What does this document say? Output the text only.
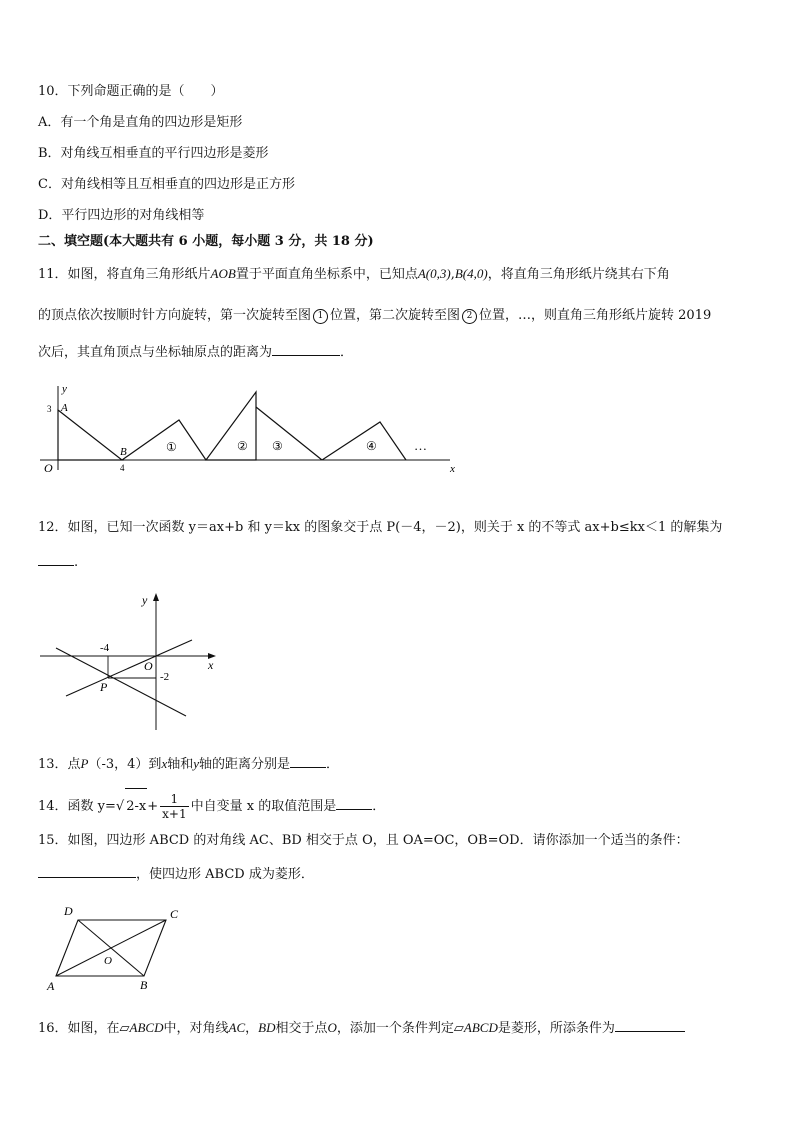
10．下列命题正确的是（　　）
A．有一个角是直角的四边形是矩形
B．对角线互相垂直的平行四边形是菱形
C．对角线相等且互相垂直的四边形是正方形
D．平行四边形的对角线相等
二、填空题(本大题共有 6 小题，每小题 3 分，共 18 分)
11．如图，将直角三角形纸片AOB置于平面直角坐标系中，已知点A(0,3),B(4,0)，将直角三角形纸片绕其右下角
的顶点依次按顺时针方向旋转，第一次旋转至图 1 位置，第二次旋转至图 2 位置，…，则直角三角形纸片旋转 2019
次后，其直角顶点与坐标轴原点的距离为	．
y
x
O
3 A
B
4
①	② ③	④	…
12．如图，已知一次函数 y＝ax+b 和 y＝kx 的图象交于点 P(－4，－2)，则关于 x 的不等式 ax+b≤kx＜1 的解集为
.
y
x
O
-4
-2
P
13．点P（-3，4）到x轴和y轴的距离分别是	．
14．函数 y=√ $2-x+ \frac{1}{x+1}$ 中自变量 x 的取值范围是	．
15．如图，四边形 ABCD 的对角线 AC、BD 相交于点 O，且 OA=OC，OB=OD．请你添加一个适当的条件：
，使四边形 ABCD 成为菱形．
D	C
O
A	B
16．如图，在▱ABCD中，对角线AC，BD相交于点O，添加一个条件判定▱ABCD是菱形，所添条件为
